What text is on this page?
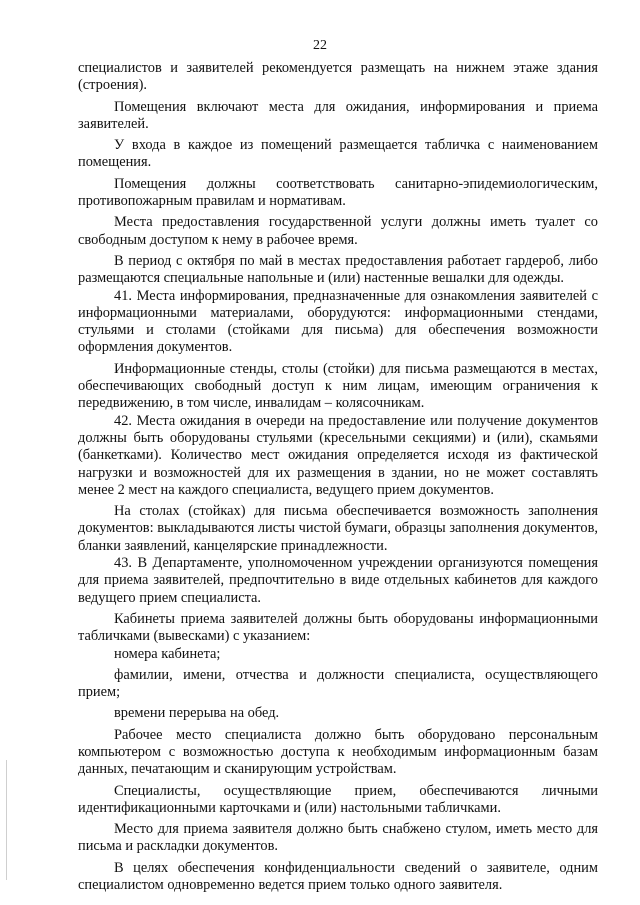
22

специалистов и заявителей рекомендуется размещать на нижнем этаже здания (строения).

Помещения включают места для ожидания, информирования и приема заявителей.

У входа в каждое из помещений размещается табличка с наименованием помещения.

Помещения должны соответствовать санитарно-эпидемиологическим, противопожарным правилам и нормативам.

Места предоставления государственной услуги должны иметь туалет со свободным доступом к нему в рабочее время.

В период с октября по май в местах предоставления работает гардероб, либо размещаются специальные напольные и (или) настенные вешалки для одежды.

41. Места информирования, предназначенные для ознакомления заявителей с информационными материалами, оборудуются: информационными стендами, стульями и столами (стойками для письма) для обеспечения возможности оформления документов.

Информационные стенды, столы (стойки) для письма размещаются в местах, обеспечивающих свободный доступ к ним лицам, имеющим ограничения к передвижению, в том числе, инвалидам – колясочникам.

42. Места ожидания в очереди на предоставление или получение документов должны быть оборудованы стульями (кресельными секциями) и (или), скамьями (банкетками). Количество мест ожидания определяется исходя из фактической нагрузки и возможностей для их размещения в здании, но не может составлять менее 2 мест на каждого специалиста, ведущего прием документов.

На столах (стойках) для письма обеспечивается возможность заполнения документов: выкладываются листы чистой бумаги, образцы заполнения документов, бланки заявлений, канцелярские принадлежности.

43. В Департаменте, уполномоченном учреждении организуются помещения для приема заявителей, предпочтительно в виде отдельных кабинетов для каждого ведущего прием специалиста.

Кабинеты приема заявителей должны быть оборудованы информационными табличками (вывесками) с указанием:

номера кабинета;

фамилии, имени, отчества и должности специалиста, осуществляющего прием;

времени перерыва на обед.

Рабочее место специалиста должно быть оборудовано персональным компьютером с возможностью доступа к необходимым информационным базам данных, печатающим и сканирующим устройствам.

Специалисты, осуществляющие прием, обеспечиваются личными идентификационными карточками и (или) настольными табличками.

Место для приема заявителя должно быть снабжено стулом, иметь место для письма и раскладки документов.

В целях обеспечения конфиденциальности сведений о заявителе, одним специалистом одновременно ведется прием только одного заявителя.
